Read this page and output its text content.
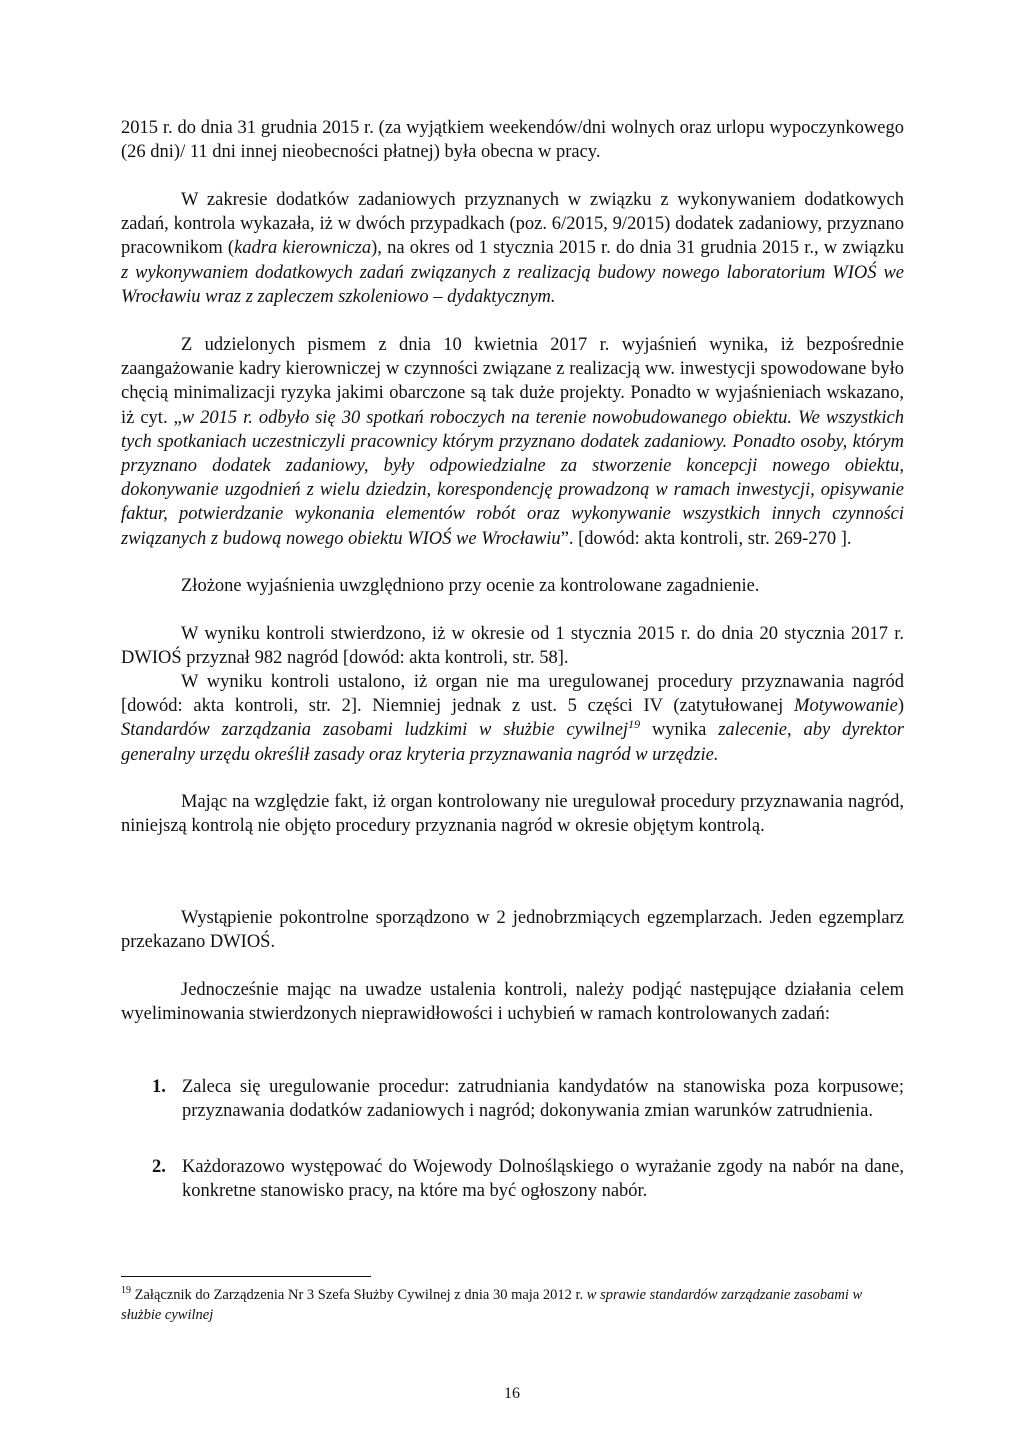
2015 r. do dnia 31 grudnia 2015 r. (za wyjątkiem weekendów/dni wolnych oraz urlopu wypoczynkowego (26 dni)/ 11 dni innej nieobecności płatnej) była obecna w pracy.

W zakresie dodatków zadaniowych przyznanych w związku z wykonywaniem dodatkowych zadań, kontrola wykazała, iż w dwóch przypadkach (poz. 6/2015, 9/2015) dodatek zadaniowy, przyznano pracownikom (kadra kierownicza), na okres od 1 stycznia 2015 r. do dnia 31 grudnia 2015 r., w związku z wykonywaniem dodatkowych zadań związanych z realizacją budowy nowego laboratorium WIOŚ we Wrocławiu wraz z zapleczem szkoleniowo – dydaktycznym.

Z udzielonych pismem z dnia 10 kwietnia 2017 r. wyjaśnień wynika, iż bezpośrednie zaangażowanie kadry kierowniczej w czynności związane z realizacją ww. inwestycji spowodowane było chęcią minimalizacji ryzyka jakimi obarczone są tak duże projekty. Ponadto w wyjaśnieniach wskazano, iż cyt. „w 2015 r. odbyło się 30 spotkań roboczych na terenie nowobudowanego obiektu. We wszystkich tych spotkaniach uczestniczyli pracownicy którym przyznano dodatek zadaniowy. Ponadto osoby, którym przyznano dodatek zadaniowy, były odpowiedzialne za stworzenie koncepcji nowego obiektu, dokonywanie uzgodnień z wielu dziedzin, korespondencję prowadzoną w ramach inwestycji, opisywanie faktur, potwierdzanie wykonania elementów robót oraz wykonywanie wszystkich innych czynności związanych z budową nowego obiektu WIOŚ we Wrocławiu”. [dowód: akta kontroli, str. 269-270 ].

Złożone wyjaśnienia uwzględniono przy ocenie za kontrolowane zagadnienie.

W wyniku kontroli stwierdzono, iż w okresie od 1 stycznia 2015 r. do dnia 20 stycznia 2017 r. DWIOŚ przyznał 982 nagród [dowód: akta kontroli, str. 58].

W wyniku kontroli ustalono, iż organ nie ma uregulowanej procedury przyznawania nagród [dowód: akta kontroli, str. 2]. Niemniej jednak z ust. 5 części IV (zatytułowanej Motywowanie) Standardów zarządzania zasobami ludzkimi w służbie cywilnej$^{19}$ wynika zalecenie, aby dyrektor generalny urzędu określił zasady oraz kryteria przyznawania nagród w urzędzie.

Mając na względzie fakt, iż organ kontrolowany nie uregulował procedury przyznawania nagród, niniejszą kontrolą nie objęto procedury przyznania nagród w okresie objętym kontrolą.

Wystąpienie pokontrolne sporządzono w 2 jednobrzmiących egzemplarzach. Jeden egzemplarz przekazano DWIOŚ.

Jednocześnie mając na uwadze ustalenia kontroli, należy podjąć następujące działania celem wyeliminowania stwierdzonych nieprawidłowości i uchybień w ramach kontrolowanych zadań:

1. Zaleca się uregulowanie procedur: zatrudniania kandydatów na stanowiska poza korpusowe; przyznawania dodatków zadaniowych i nagród; dokonywania zmian warunków zatrudnienia.

2. Każdorazowo występować do Wojewody Dolnośląskiego o wyrażanie zgody na nabór na dane, konkretne stanowisko pracy, na które ma być ogłoszony nabór.

$^{19}$ Załącznik do Zarządzenia Nr 3 Szefa Służby Cywilnej z dnia 30 maja 2012 r. w sprawie standardów zarządzanie zasobami w służbie cywilnej

16
